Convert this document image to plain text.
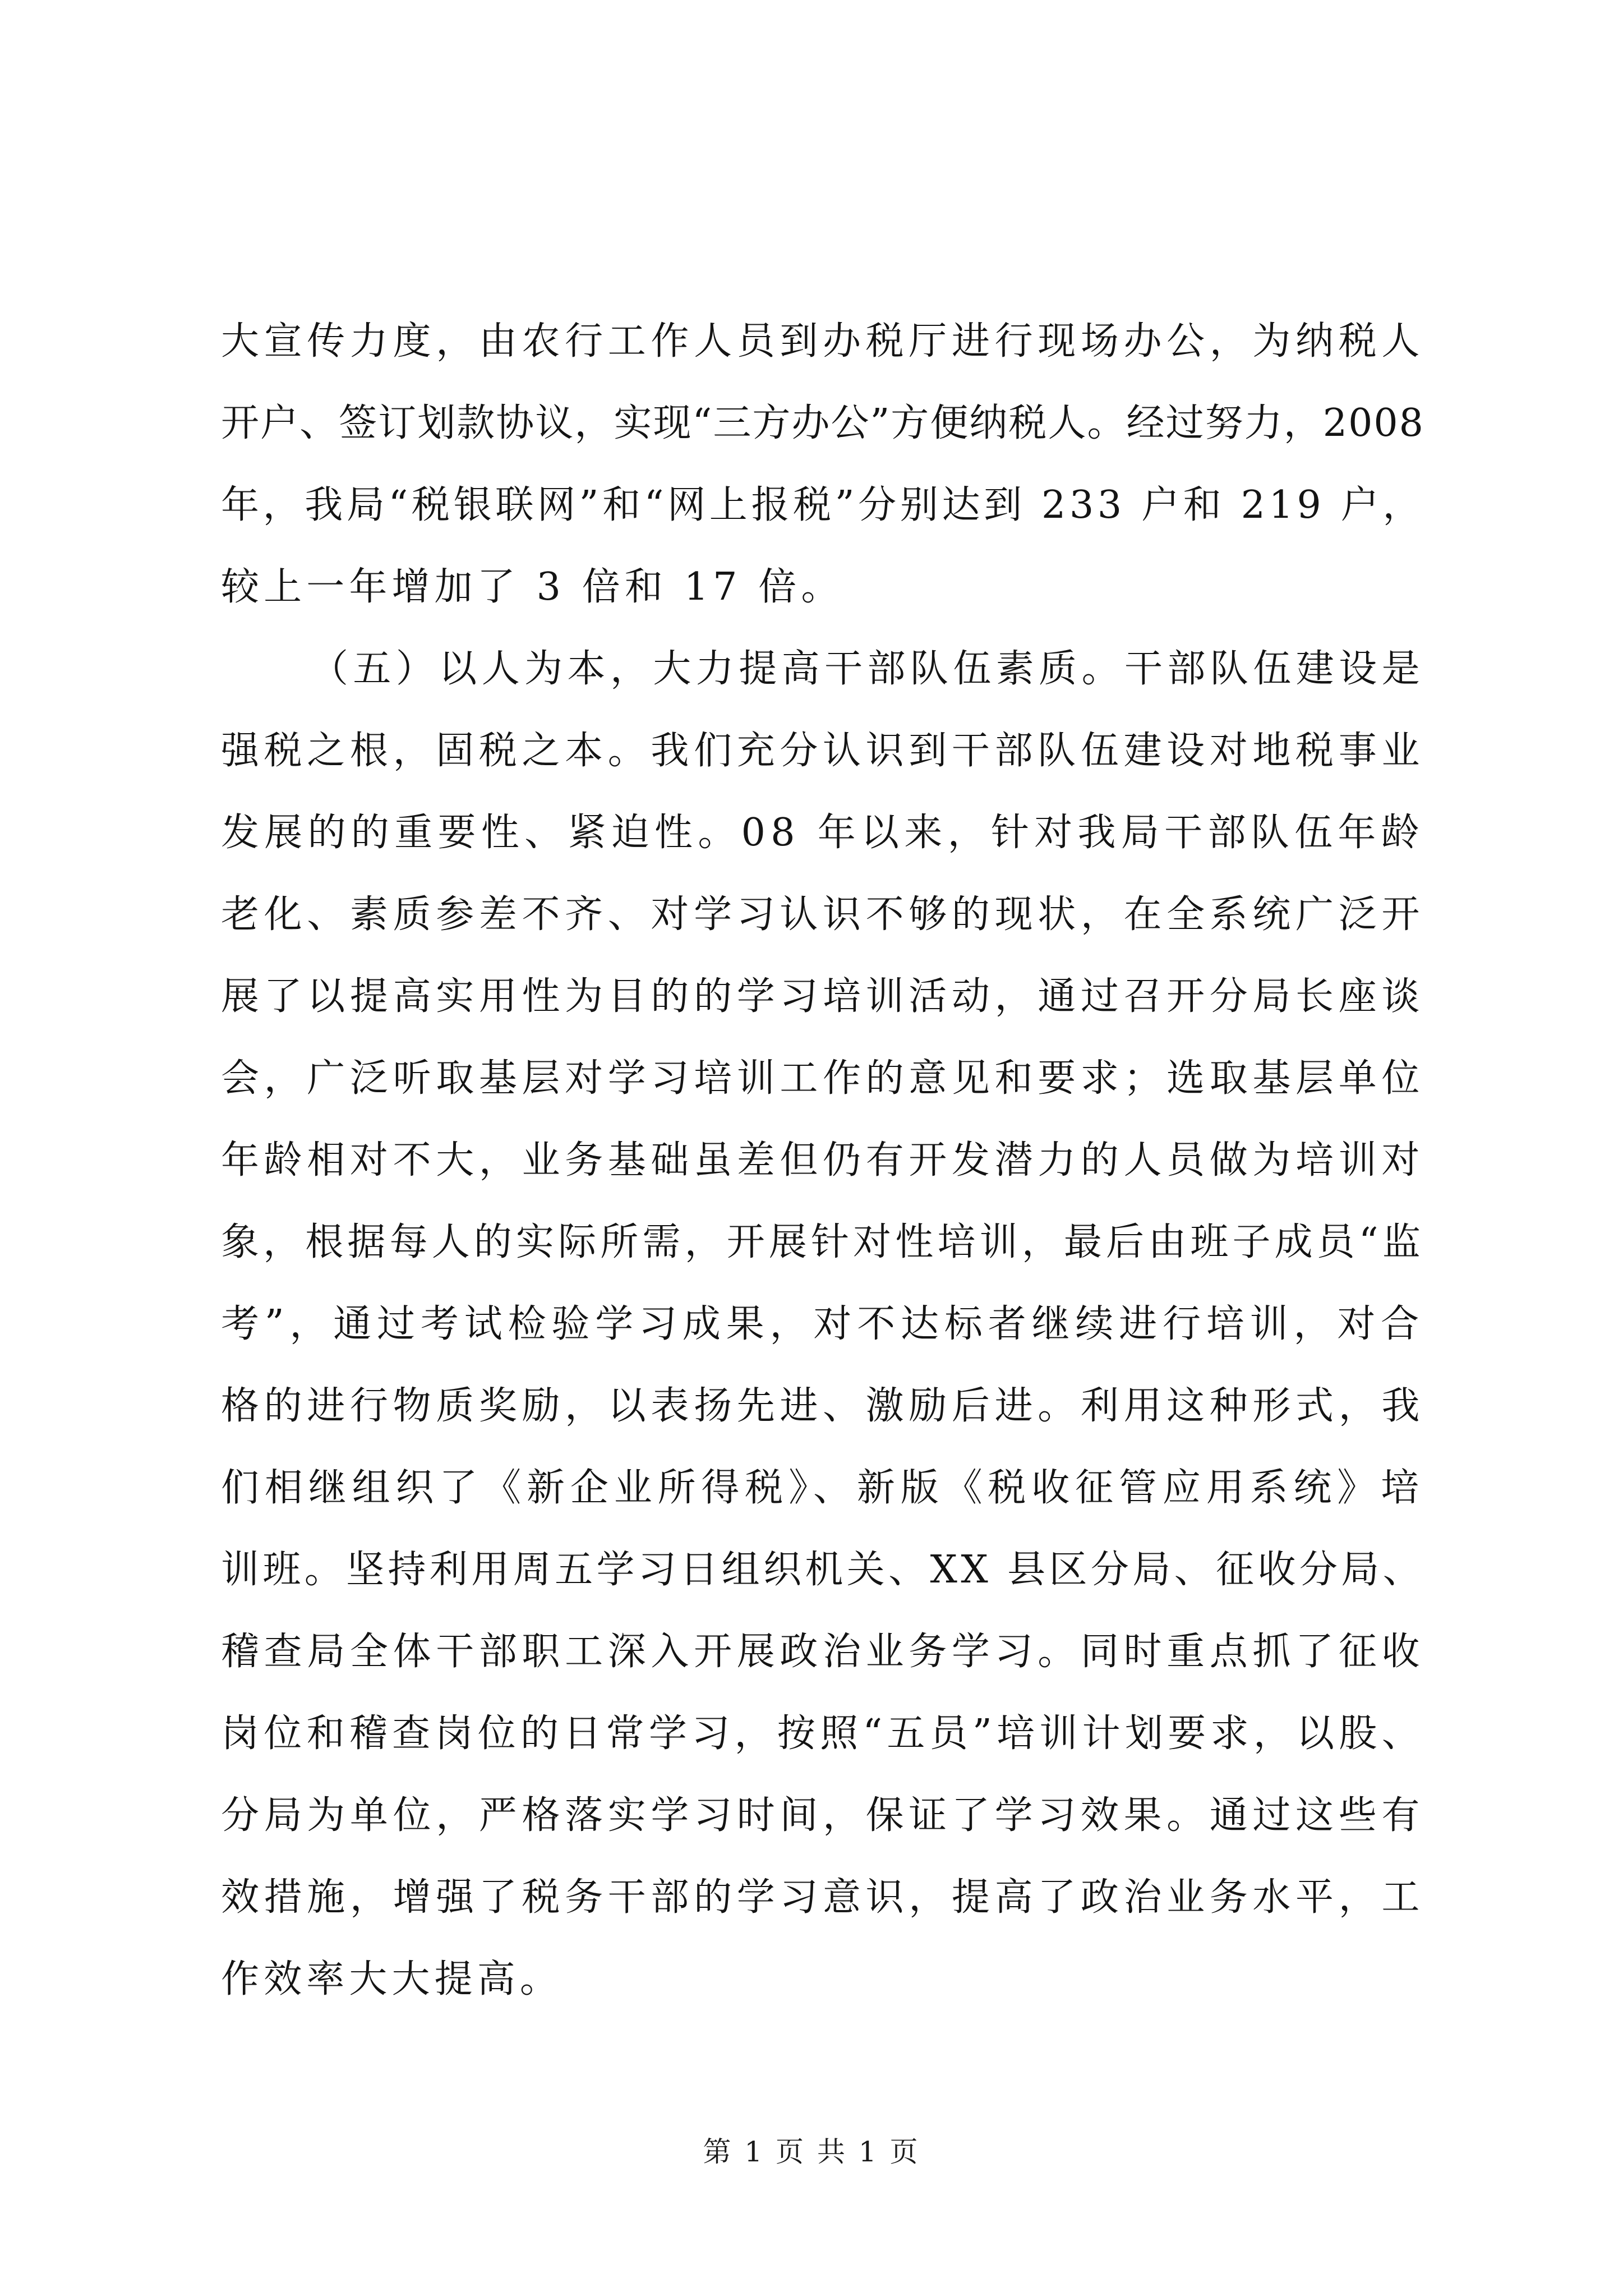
大宣传力度，由农行工作人员到办税厅进行现场办公，为纳税人
开户、签订划款协议，实现“三方办公”方便纳税人。经过努力，2008
年，我局“税银联网”和“网上报税”分别达到 233 户和 219 户，
较上一年增加了 3 倍和 17 倍。
（五）以人为本，大力提高干部队伍素质。干部队伍建设是
强税之根，固税之本。我们充分认识到干部队伍建设对地税事业
发展的的重要性、紧迫性。08 年以来，针对我局干部队伍年龄
老化、素质参差不齐、对学习认识不够的现状，在全系统广泛开
展了以提高实用性为目的的学习培训活动，通过召开分局长座谈
会，广泛听取基层对学习培训工作的意见和要求；选取基层单位
年龄相对不大，业务基础虽差但仍有开发潜力的人员做为培训对
象，根据每人的实际所需，开展针对性培训，最后由班子成员“监
考”，通过考试检验学习成果，对不达标者继续进行培训，对合
格的进行物质奖励，以表扬先进、激励后进。利用这种形式，我
们相继组织了《新企业所得税》、新版《税收征管应用系统》培
训班。坚持利用周五学习日组织机关、XX 县区分局、征收分局、
稽查局全体干部职工深入开展政治业务学习。同时重点抓了征收
岗位和稽查岗位的日常学习，按照“五员”培训计划要求，以股、
分局为单位，严格落实学习时间，保证了学习效果。通过这些有
效措施，增强了税务干部的学习意识，提高了政治业务水平，工
作效率大大提高。
第 1 页 共 1 页
